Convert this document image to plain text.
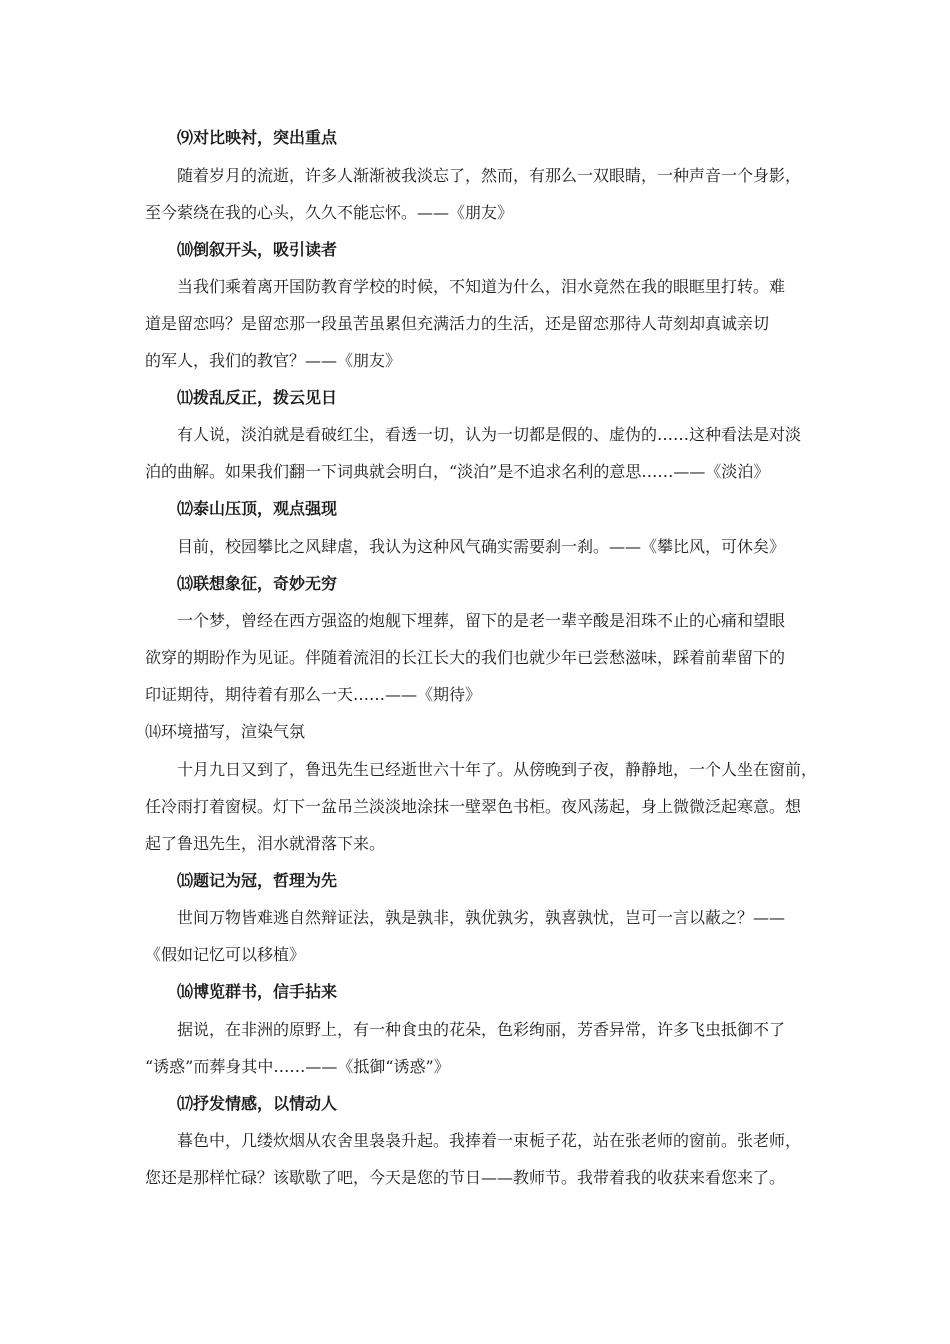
⑼对比映衬，突出重点
随着岁月的流逝，许多人渐渐被我淡忘了，然而，有那么一双眼睛，一种声音一个身影，
至今萦绕在我的心头，久久不能忘怀。——《朋友》
⑽倒叙开头，吸引读者
当我们乘着离开国防教育学校的时候，不知道为什么，泪水竟然在我的眼眶里打转。难
道是留恋吗？是留恋那一段虽苦虽累但充满活力的生活，还是留恋那待人苛刻却真诚亲切
的军人，我们的教官？——《朋友》
⑾拨乱反正，拨云见日
有人说，淡泊就是看破红尘，看透一切，认为一切都是假的、虚伪的……这种看法是对淡
泊的曲解。如果我们翻一下词典就会明白，“淡泊”是不追求名利的意思……——《淡泊》
⑿泰山压顶，观点强现
目前，校园攀比之风肆虐，我认为这种风气确实需要刹一刹。——《攀比风，可休矣》
⒀联想象征，奇妙无穷
一个梦，曾经在西方强盗的炮舰下埋葬，留下的是老一辈辛酸是泪珠不止的心痛和望眼
欲穿的期盼作为见证。伴随着流泪的长江长大的我们也就少年已尝愁滋味，踩着前辈留下的
印证期待，期待着有那么一天……——《期待》
⒁环境描写，渲染气氛
十月九日又到了，鲁迅先生已经逝世六十年了。从傍晚到子夜，静静地，一个人坐在窗前，
任冷雨打着窗棂。灯下一盆吊兰淡淡地涂抹一壁翠色书柜。夜风荡起，身上微微泛起寒意。想
起了鲁迅先生，泪水就滑落下来。
⒂题记为冠，哲理为先
世间万物皆难逃自然辩证法，孰是孰非，孰优孰劣，孰喜孰忧，岂可一言以蔽之？——
《假如记忆可以移植》
⒃博览群书，信手拈来
据说，在非洲的原野上，有一种食虫的花朵，色彩绚丽，芳香异常，许多飞虫抵御不了
“诱惑”而葬身其中……——《抵御“诱惑”》
⒄抒发情感，以情动人
暮色中，几缕炊烟从农舍里袅袅升起。我捧着一束栀子花，站在张老师的窗前。张老师，
您还是那样忙碌？该歇歇了吧，今天是您的节日——教师节。我带着我的收获来看您来了。
